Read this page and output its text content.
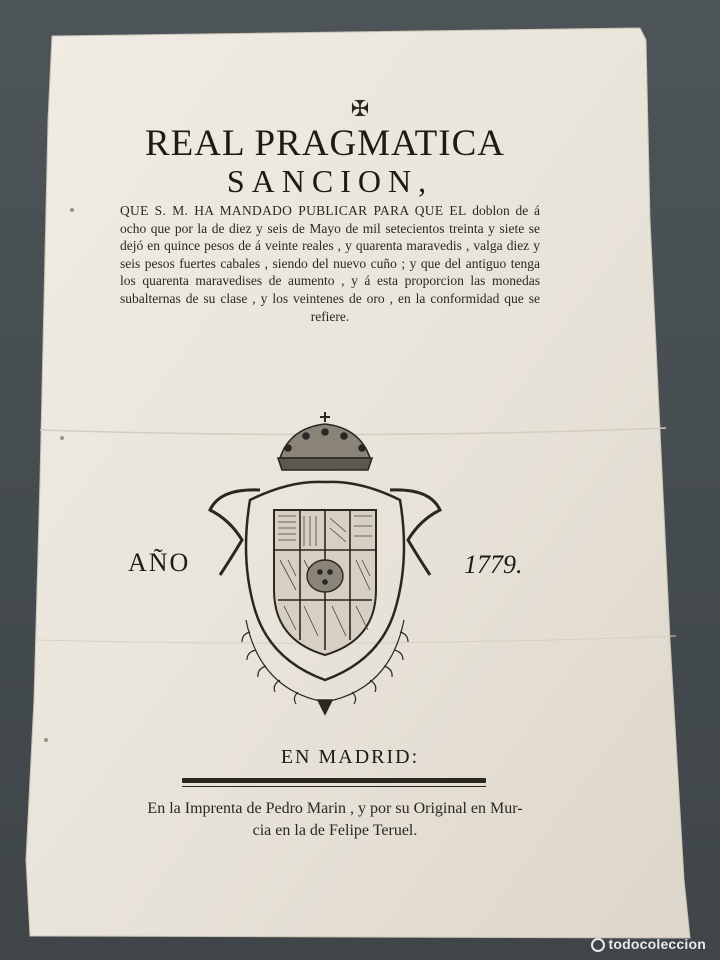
✠
REAL PRAGMATICA
SANCION,
QUE S. M. HA MANDADO PUBLICAR PARA QUE EL doblon de á ocho que por la de diez y seis de Mayo de mil setecientos treinta y siete se dejó en quince pesos de á veinte reales , y quarenta maravedis , valga diez y seis pesos fuertes cabales , siendo del nuevo cuño ; y que del antiguo tenga los quarenta maravedises de aumento , y á esta proporcion las monedas subalternas de su clase , y los veintenes de oro , en la conformidad que se refiere.
AÑO	1779.
EN MADRID:
En la Imprenta de Pedro Marin , y por su Original en Mur-
cia en la de Felipe Teruel.
todocoleccion
